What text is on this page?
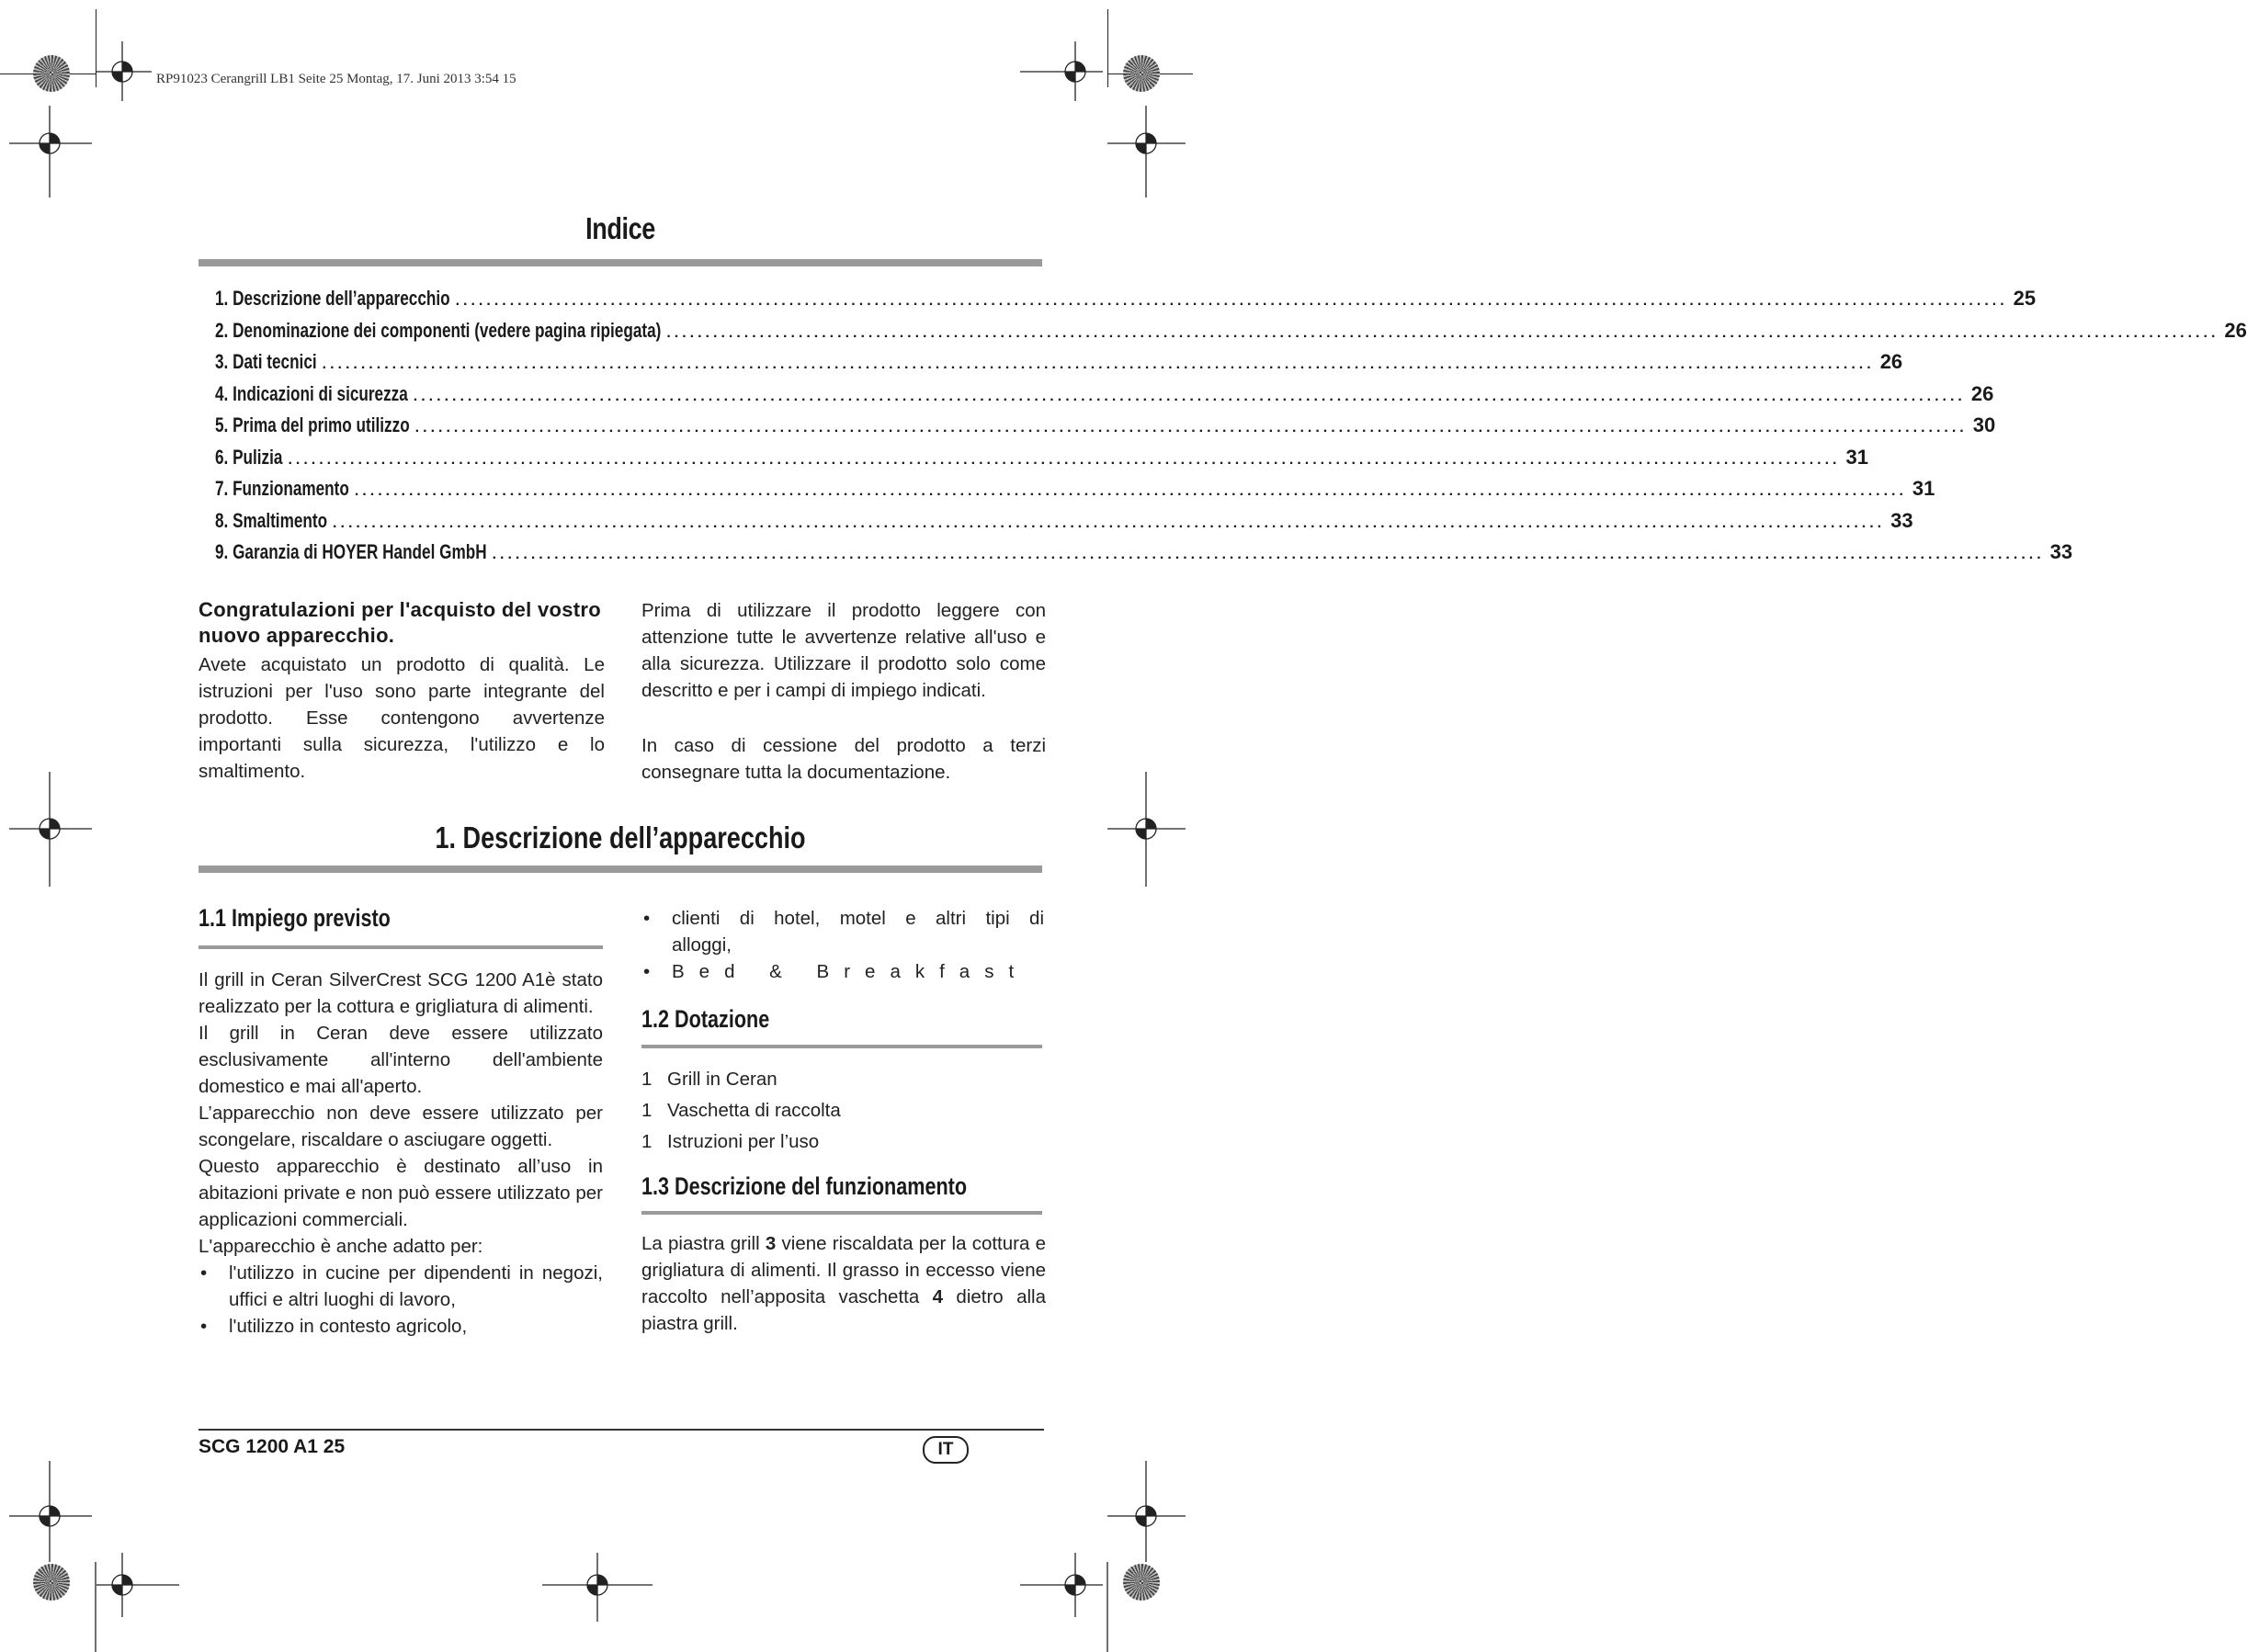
RP91023 Cerangrill LB1 Seite 25 Montag, 17. Juni 2013 3:54 15
Indice
1. Descrizione dell’apparecchio ........................................................................................................................................................................................................ 25
2. Denominazione dei componenti (vedere pagina ripiegata) ........................................................................................................................................................................................................ 26
3. Dati tecnici ........................................................................................................................................................................................................ 26
4. Indicazioni di sicurezza ........................................................................................................................................................................................................ 26
5. Prima del primo utilizzo ........................................................................................................................................................................................................ 30
6. Pulizia ........................................................................................................................................................................................................ 31
7. Funzionamento ........................................................................................................................................................................................................ 31
8. Smaltimento ........................................................................................................................................................................................................ 33
9. Garanzia di HOYER Handel GmbH ........................................................................................................................................................................................................ 33
Congratulazioni per l'acquisto del vostro nuovo apparecchio.
Avete acquistato un prodotto di qualità. Le istruzioni per l'uso sono parte integrante del prodotto. Esse contengono avvertenze importanti sulla sicurezza, l'utilizzo e lo smaltimento.
Prima di utilizzare il prodotto leggere con attenzione tutte le avvertenze relative all'uso e alla sicurezza. Utilizzare il prodotto solo come descritto e per i campi di impiego indicati.
In caso di cessione del prodotto a terzi consegnare tutta la documentazione.
1. Descrizione dell’apparecchio
1.1 Impiego previsto
Il grill in Ceran SilverCrest SCG 1200 A1è stato realizzato per la cottura e grigliatura di alimenti.
Il grill in Ceran deve essere utilizzato esclusivamente all'interno dell'ambiente domestico e mai all'aperto.
L’apparecchio non deve essere utilizzato per scongelare, riscaldare o asciugare oggetti.
Questo apparecchio è destinato all’uso in abitazioni private e non può essere utilizzato per applicazioni commerciali.
L'apparecchio è anche adatto per:
• l'utilizzo in cucine per dipendenti in negozi, uffici e altri luoghi di lavoro,
• l'utilizzo in contesto agricolo,
• clienti di hotel, motel e altri tipi di alloggi,
• Bed & Breakfast
1.2 Dotazione
1 Grill in Ceran
1 Vaschetta di raccolta
1 Istruzioni per l’uso
1.3 Descrizione del funzionamento
La piastra grill 3 viene riscaldata per la cottura e grigliatura di alimenti. Il grasso in eccesso viene raccolto nell’apposita vaschetta 4 dietro alla piastra grill.
SCG 1200 A1 25	IT
